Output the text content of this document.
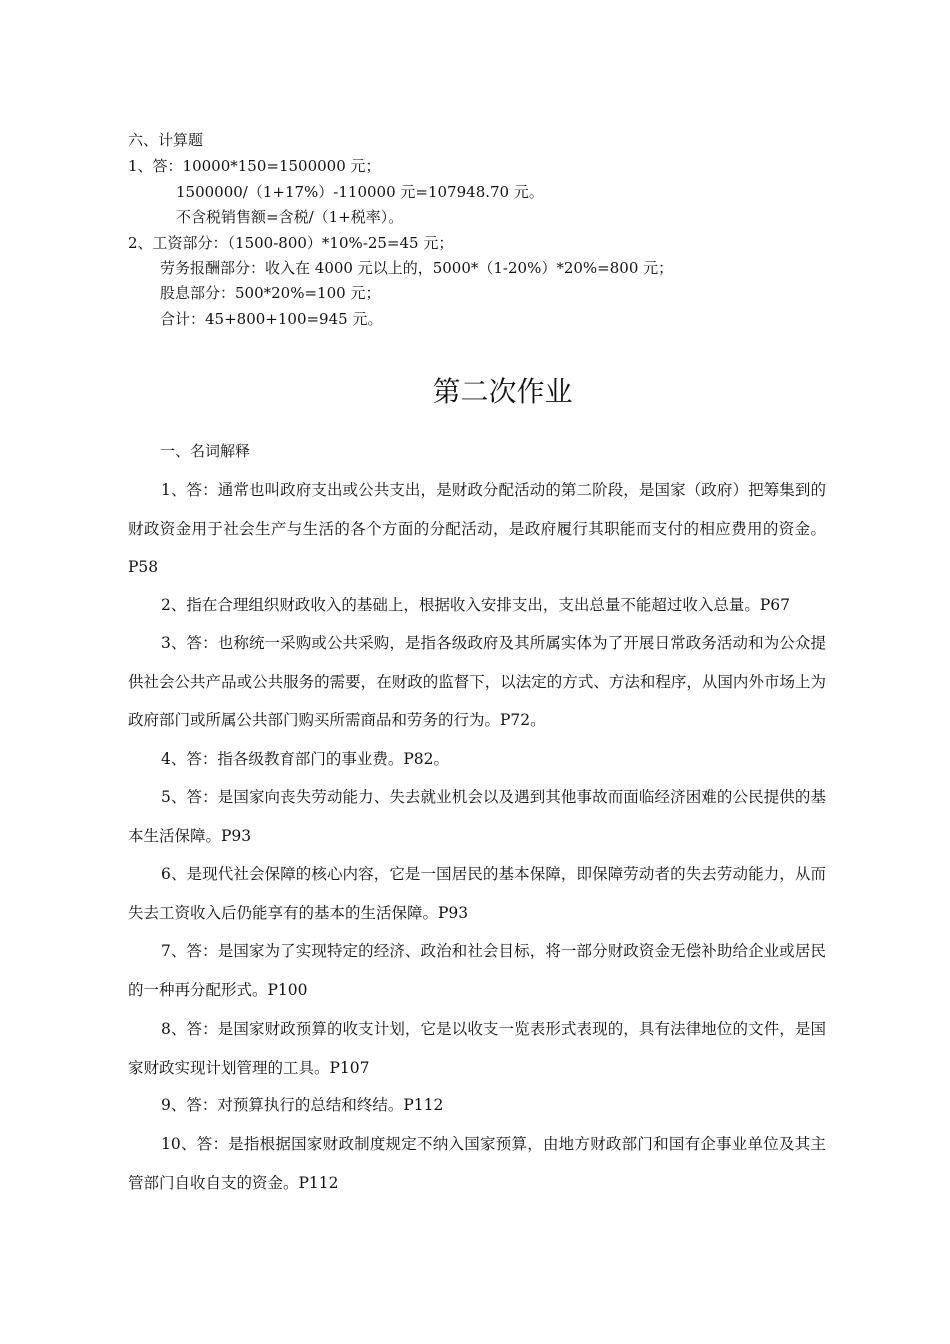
六、计算题
1、答：10000*150=1500000 元；
1500000/（1+17%）-110000 元=107948.70 元。
不含税销售额=含税/（1+税率）。
2、工资部分：（1500-800）*10%-25=45 元；
劳务报酬部分：收入在 4000 元以上的，5000*（1-20%）*20%=800 元；
股息部分：500*20%=100 元；
合计：45+800+100=945 元。
第二次作业
一、名词解释
1、答：通常也叫政府支出或公共支出，是财政分配活动的第二阶段，是国家（政府）把筹集到的财政资金用于社会生产与生活的各个方面的分配活动，是政府履行其职能而支付的相应费用的资金。P58
2、指在合理组织财政收入的基础上，根据收入安排支出，支出总量不能超过收入总量。P67
3、答：也称统一采购或公共采购，是指各级政府及其所属实体为了开展日常政务活动和为公众提供社会公共产品或公共服务的需要，在财政的监督下，以法定的方式、方法和程序，从国内外市场上为政府部门或所属公共部门购买所需商品和劳务的行为。P72。
4、答：指各级教育部门的事业费。P82。
5、答：是国家向丧失劳动能力、失去就业机会以及遇到其他事故而面临经济困难的公民提供的基本生活保障。P93
6、是现代社会保障的核心内容，它是一国居民的基本保障，即保障劳动者的失去劳动能力，从而失去工资收入后仍能享有的基本的生活保障。P93
7、答：是国家为了实现特定的经济、政治和社会目标，将一部分财政资金无偿补助给企业或居民的一种再分配形式。P100
8、答：是国家财政预算的收支计划，它是以收支一览表形式表现的，具有法律地位的文件，是国家财政实现计划管理的工具。P107
9、答：对预算执行的总结和终结。P112
10、答：是指根据国家财政制度规定不纳入国家预算，由地方财政部门和国有企事业单位及其主管部门自收自支的资金。P112
